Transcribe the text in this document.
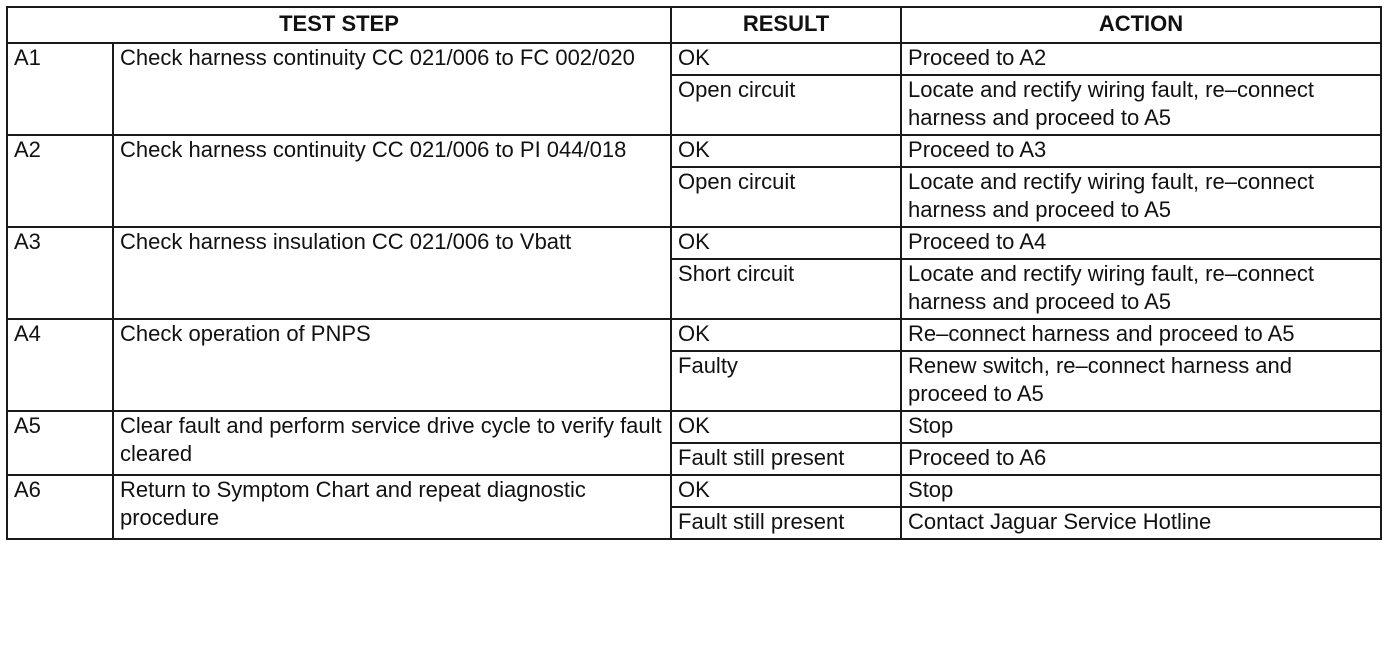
TEST STEP		RESULT	ACTION
A1	Check harness continuity CC 021/006 to FC 002/020	OK	Proceed to A2
		Open circuit	Locate and rectify wiring fault, re–connect harness and proceed to A5
A2	Check harness continuity CC 021/006 to PI 044/018	OK	Proceed to A3
		Open circuit	Locate and rectify wiring fault, re–connect harness and proceed to A5
A3	Check harness insulation CC 021/006 to Vbatt	OK	Proceed to A4
		Short circuit	Locate and rectify wiring fault, re–connect harness and proceed to A5
A4	Check operation of PNPS	OK	Re–connect harness and proceed to A5
		Faulty	Renew switch, re–connect harness and proceed to A5
A5	Clear fault and perform service drive cycle to verify fault cleared	OK	Stop
		Fault still present	Proceed to A6
A6	Return to Symptom Chart and repeat diagnostic procedure	OK	Stop
		Fault still present	Contact Jaguar Service Hotline
